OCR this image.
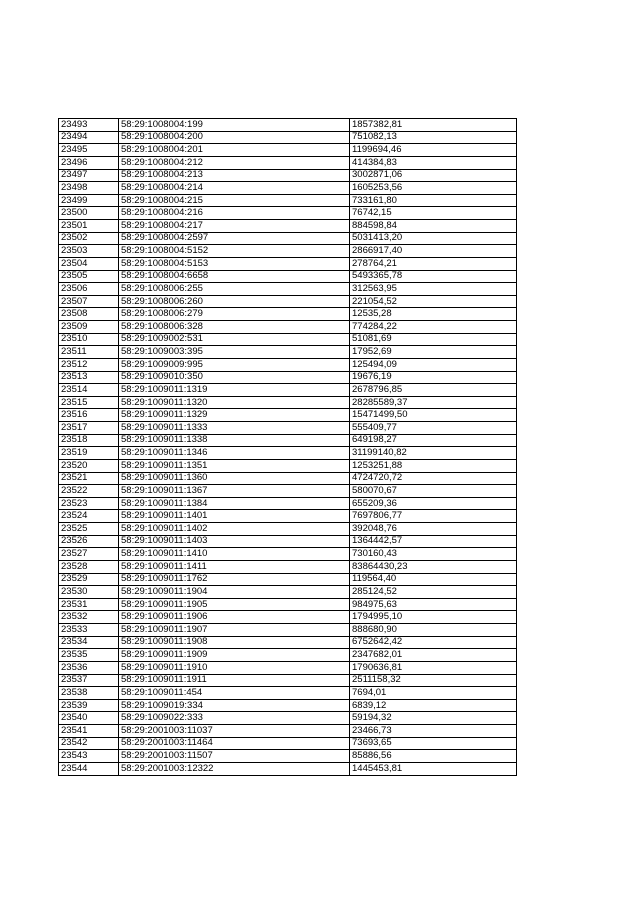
23493	58:29:1008004:199	1857382,81
23494	58:29:1008004:200	751082,13
23495	58:29:1008004:201	1199694,46
23496	58:29:1008004:212	414384,83
23497	58:29:1008004:213	3002871,06
23498	58:29:1008004:214	1605253,56
23499	58:29:1008004:215	733161,80
23500	58:29:1008004:216	76742,15
23501	58:29:1008004:217	884598,84
23502	58:29:1008004:2597	5031413,20
23503	58:29:1008004:5152	2866917,40
23504	58:29:1008004:5153	278764,21
23505	58:29:1008004:6658	5493365,78
23506	58:29:1008006:255	312563,95
23507	58:29:1008006:260	221054,52
23508	58:29:1008006:279	12535,28
23509	58:29:1008006:328	774284,22
23510	58:29:1009002:531	51081,69
23511	58:29:1009003:395	17952,69
23512	58:29:1009009:995	125494,09
23513	58:29:1009010:350	19676,19
23514	58:29:1009011:1319	2678796,85
23515	58:29:1009011:1320	28285589,37
23516	58:29:1009011:1329	15471499,50
23517	58:29:1009011:1333	555409,77
23518	58:29:1009011:1338	649198,27
23519	58:29:1009011:1346	31199140,82
23520	58:29:1009011:1351	1253251,88
23521	58:29:1009011:1360	4724720,72
23522	58:29:1009011:1367	580070,67
23523	58:29:1009011:1384	655209,36
23524	58:29:1009011:1401	7697806,77
23525	58:29:1009011:1402	392048,76
23526	58:29:1009011:1403	1364442,57
23527	58:29:1009011:1410	730160,43
23528	58:29:1009011:1411	83864430,23
23529	58:29:1009011:1762	119564,40
23530	58:29:1009011:1904	285124,52
23531	58:29:1009011:1905	984975,63
23532	58:29:1009011:1906	1794995,10
23533	58:29:1009011:1907	888680,90
23534	58:29:1009011:1908	6752642,42
23535	58:29:1009011:1909	2347682,01
23536	58:29:1009011:1910	1790636,81
23537	58:29:1009011:1911	2511158,32
23538	58:29:1009011:454	7694,01
23539	58:29:1009019:334	6839,12
23540	58:29:1009022:333	59194,32
23541	58:29:2001003:11037	23466,73
23542	58:29:2001003:11464	73693,65
23543	58:29:2001003:11507	85886,56
23544	58:29:2001003:12322	1445453,81
